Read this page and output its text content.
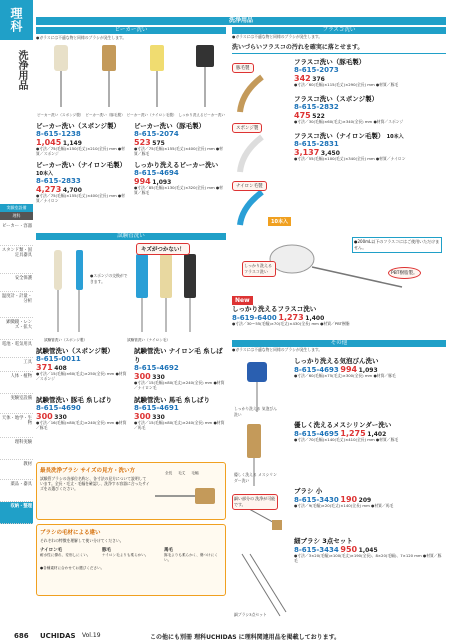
理科
洗浄用品
実験室設備
理科
ビーカー・容器
スタンド類・固定具器具
安全保護
温度計・計量・分析
顕微鏡・レンズ・拡大
電池・電気用具
工具
人体・植物
実験室設備
天体・地学・生物
理科実験
教材
薬品・器具
収納・整理
洗浄用品
ビーカー洗い
●ガラスには不適な物と同様のブラシが発生します。
ビーカー洗い（スポンジ製） ビーカー洗い（豚毛製） ビーカー洗い（ナイロン毛製） しっかり洗えるビーカー洗い
ビーカー洗い（スポンジ製）
8-615-1238
1,045 1,149
●寸法／75(毛幅)×150(毛丈)×210(全長) mm ●材質／スポンジ
ビーカー洗い（豚毛製）
8-615-2074
523 575
●寸法／75(毛幅)×155(毛丈)×400(全長) mm ●材質／豚毛
ビーカー洗い（ナイロン毛製） 10本入
8-615-2833
4,273 4,700
●寸法／75(毛幅)×155(毛丈)×400(全長) mm ●材質／ナイロン
しっかり洗えるビーカー洗い
8-615-4694
994 1,093
●寸法／85(毛幅)×130(毛丈)×320(全長) mm ●材質／豚毛
フラスコ洗い
●ガラスには不適な物と同様のブラシが発生します。
洗いづらいフラスコの汚れを確実に落とせます。
豚毛製
スポンジ製
ナイロン毛製
フラスコ洗い（豚毛製）
8-615-2073
342 376
●寸法／60(毛幅)×115(毛丈)×290(全長) mm ●材質／豚毛
フラスコ洗い（スポンジ製）
8-615-2832
475 522
●寸法／30(毛幅)×60(毛丈)×340(全長) mm ●材質／スポンジ
フラスコ洗い（ナイロン毛製） 10本入
8-615-2831
3,137 3,450
●寸法／55(毛幅)×100(毛丈)×340(全長) mm ●材質／ナイロン
10本入
しっかり洗える フラスコ洗い
●200mL以下のフラスコにはご使用いただけません。
PBT樹脂製。
New
しっかり洗えるフラスコ洗い
8-619-6400 1,273 1,400
●寸法／30～55(毛幅)×70(毛丈)×430(全長) mm ●材質／PBT樹脂
試験管洗い
キズがつかない！
●スポンジの交換ができます。
試験管洗い（スポンジ製）	試験管洗い（ナイロン毛）
試験管洗い（スポンジ製）
8-615-0011
371 408
●寸法／15(毛幅)×60(毛丈)×250(全長) mm ●材質／スポンジ
試験管洗い ナイロン毛 糸しばり
8-615-4692
300 330
●寸法／15(毛幅)×80(毛丈)×240(全長) mm ●材質／ナイロン毛
試験管洗い 豚毛 糸しばり
8-615-4690
300 330
●寸法／16(毛幅)×80(毛丈)×240(全長) mm ●材質／豚毛
試験管洗い 馬毛 糸しばり
8-615-4691
300 330
●寸法／15(毛幅)×80(毛丈)×240(全長) mm ●材質／馬毛
最長洗浄ブラシ サイズの見方・洗い方
試験管ブラシの各部位名称と、各寸法の見方について説明しています。全長・毛丈・毛幅を確認し、洗浄する容器に合ったサイズをお選びください。
全長 毛丈 毛幅
ブラシの毛材による違い
それぞれの特徴を理解して使い分けてください。
ナイロン毛
耐水性に優れ、変形しにくい。
豚毛
ナイロン毛よりも柔らかい。
馬毛
豚毛よりも柔らかく、傷つけにくい。
●各種素材に合わせてお選びください。
その他
●ガラスには不適な物と同様のブラシが発生します。
しっかり洗える 気泡びん洗い
優しく洗える メスシリンダー洗い
細い部分の 洗浄が可能です。
細ブラシ3点セット
しっかり洗える気泡びん洗い
8-615-4693 994 1,093
●寸法／60(毛幅)×75(毛丈)×300(全長) mm ●材質／豚毛
優しく洗えるメスシリンダー洗い
8-615-4695 1,275 1,402
●寸法／70(毛幅)×140(毛丈)×410(全長) mm ●材質／豚毛
ブラシ 小
8-615-3430 190 209
●寸法／9(毛幅)×20(毛丈)×140(全長) mm ●材質／馬毛
細ブラシ 3点セット
8-615-3434 950 1,045
●寸法／3×20(毛幅)×100(毛丈)×190(全長)、8×20(毛幅)、7×120 mm ●材質／豚毛
686 UCHIDAS Vol.19	この他にも別冊 理科UCHIDAS に理科関連用品を掲載しております。
